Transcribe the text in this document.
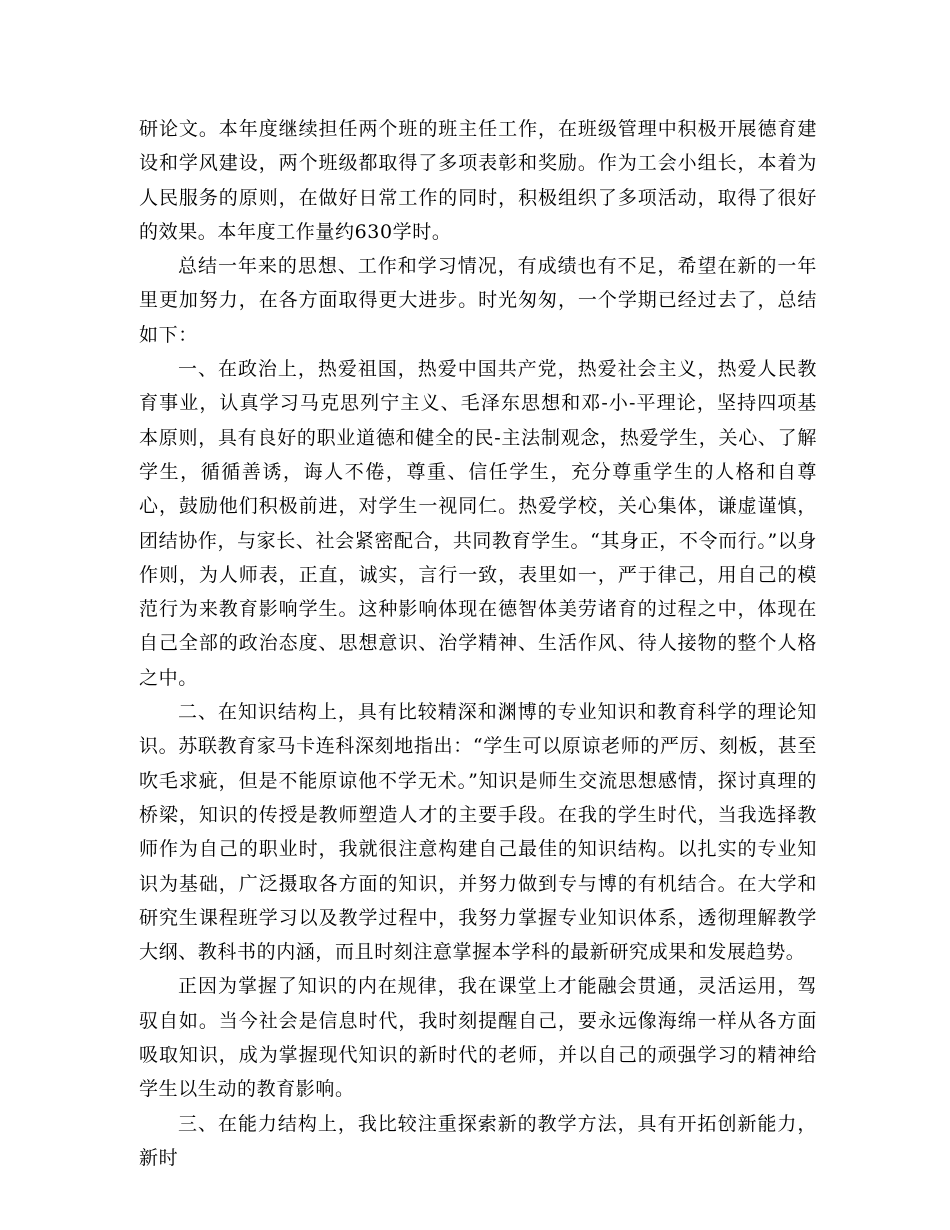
研论文。本年度继续担任两个班的班主任工作，在班级管理中积极开展德育建设和学风建设，两个班级都取得了多项表彰和奖励。作为工会小组长，本着为人民服务的原则，在做好日常工作的同时，积极组织了多项活动，取得了很好的效果。本年度工作量约630学时。

总结一年来的思想、工作和学习情况，有成绩也有不足，希望在新的一年里更加努力，在各方面取得更大进步。时光匆匆，一个学期已经过去了，总结如下：

一、在政治上，热爱祖国，热爱中国共产党，热爱社会主义，热爱人民教育事业，认真学习马克思列宁主义、毛泽东思想和邓-小-平理论，坚持四项基本原则，具有良好的职业道德和健全的民-主法制观念，热爱学生，关心、了解学生，循循善诱，诲人不倦，尊重、信任学生，充分尊重学生的人格和自尊心，鼓励他们积极前进，对学生一视同仁。热爱学校，关心集体，谦虚谨慎，团结协作，与家长、社会紧密配合，共同教育学生。“其身正，不令而行。”以身作则，为人师表，正直，诚实，言行一致，表里如一，严于律己，用自己的模范行为来教育影响学生。这种影响体现在德智体美劳诸育的过程之中，体现在自己全部的政治态度、思想意识、治学精神、生活作风、待人接物的整个人格之中。

二、在知识结构上，具有比较精深和渊博的专业知识和教育科学的理论知识。苏联教育家马卡连科深刻地指出：“学生可以原谅老师的严厉、刻板，甚至吹毛求疵，但是不能原谅他不学无术。”知识是师生交流思想感情，探讨真理的桥梁，知识的传授是教师塑造人才的主要手段。在我的学生时代，当我选择教师作为自己的职业时，我就很注意构建自己最佳的知识结构。以扎实的专业知识为基础，广泛摄取各方面的知识，并努力做到专与博的有机结合。在大学和研究生课程班学习以及教学过程中，我努力掌握专业知识体系，透彻理解教学大纲、教科书的内涵，而且时刻注意掌握本学科的最新研究成果和发展趋势。

正因为掌握了知识的内在规律，我在课堂上才能融会贯通，灵活运用，驾驭自如。当今社会是信息时代，我时刻提醒自己，要永远像海绵一样从各方面吸取知识，成为掌握现代知识的新时代的老师，并以自己的顽强学习的精神给学生以生动的教育影响。

三、在能力结构上，我比较注重探索新的教学方法，具有开拓创新能力，新时
